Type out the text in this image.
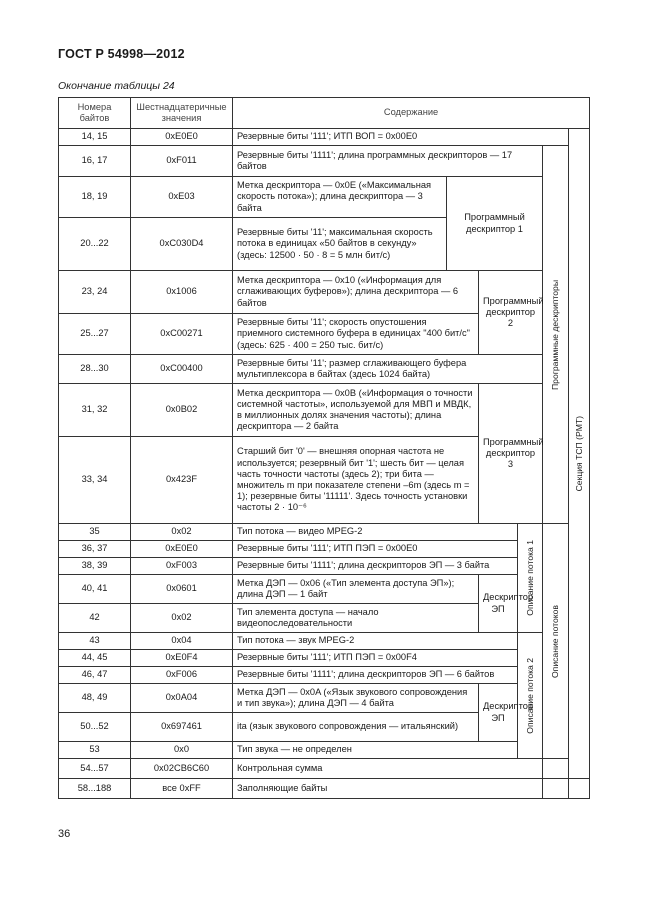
ГОСТ Р 54998—2012
Окончание таблицы 24
Номера байтов	Шестнадцатеричные значения	Содержание					
14, 15	0xE0E0	Резервные биты '111'; ИТП ВОП = 0x00E0					Секция ТСП (PMT)

16, 17	0xF011	Резервные биты '1111'; длина программных дескрипторов — 17 байтов				Программные дескрипторы	

18, 19	0xE03	Метка дескриптора — 0x0E («Максимальная скорость потока»); длина дескриптора — 3 байта	Программный дескриптор 1				
20...22	0xC030D4	Резервные биты '11'; максимальная скорость потока в единицах «50 байтов в секунду» (здесь: 12500 · 50 · 8 = 5 млн бит/с)					
23, 24	0x1006	Метка дескриптора — 0x10 («Информация для сглаживающих буферов»); длина дескриптора — 6 байтов		Программный дескриптор 2			
25...27	0xC00271	Резервные биты '11'; скорость опустошения приемного системного буфера в единицах "400 бит/с" (здесь: 625 · 400 = 250 тыс. бит/с)					
28...30	0xC00400	Резервные биты '11'; размер сглаживающего буфера мультиплексора в байтах (здесь 1024 байта)					
31, 32	0x0B02	Метка дескриптора — 0x0B («Информация о точности системной частоты», используемой для МВП и МВДК, в миллионных долях значения частоты); длина дескриптора — 2 байта		Программный дескриптор 3			
33, 34	0x423F	Старший бит '0' — внешняя опорная частота не используется; резервный бит '1'; шесть бит — целая часть точности частоты (здесь 2); три бита — множитель m при показателе степени –6m (здесь m = 1); резервные биты '11111'. Здесь точность установки частоты 2 · 10⁻⁶					
35	0x02	Тип потока — видео MPEG-2			Описание потока 1	Описание потоков	

36, 37	0xE0E0	Резервные биты '111'; ИТП ПЭП = 0x00E0					
38, 39	0xF003	Резервные биты '1111'; длина дескрипторов ЭП — 3 байта					
40, 41	0x0601	Метка ДЭП — 0x06 («Тип элемента доступа ЭП»); длина ДЭП — 1 байт		Дескриптор ЭП			
42	0x02	Тип элемента доступа — начало видеопоследовательности					
43	0x04	Тип потока — звук MPEG-2			Описание потока 2		

44, 45	0xE0F4	Резервные биты '111'; ИТП ПЭП = 0x00F4					
46, 47	0xF006	Резервные биты '1111'; длина дескрипторов ЭП — 6 байтов					
48, 49	0x0A04	Метка ДЭП — 0x0A («Язык звукового сопровождения и тип звука»); длина ДЭП — 4 байта		Дескриптор ЭП			
50...52	0x697461	ita (язык звукового сопровождения — итальянский)					
53	0x0	Тип звука — не определен					
54...57	0x02CB6C60	Контрольная сумма					
58...188	все 0xFF	Заполняющие байты					
36
